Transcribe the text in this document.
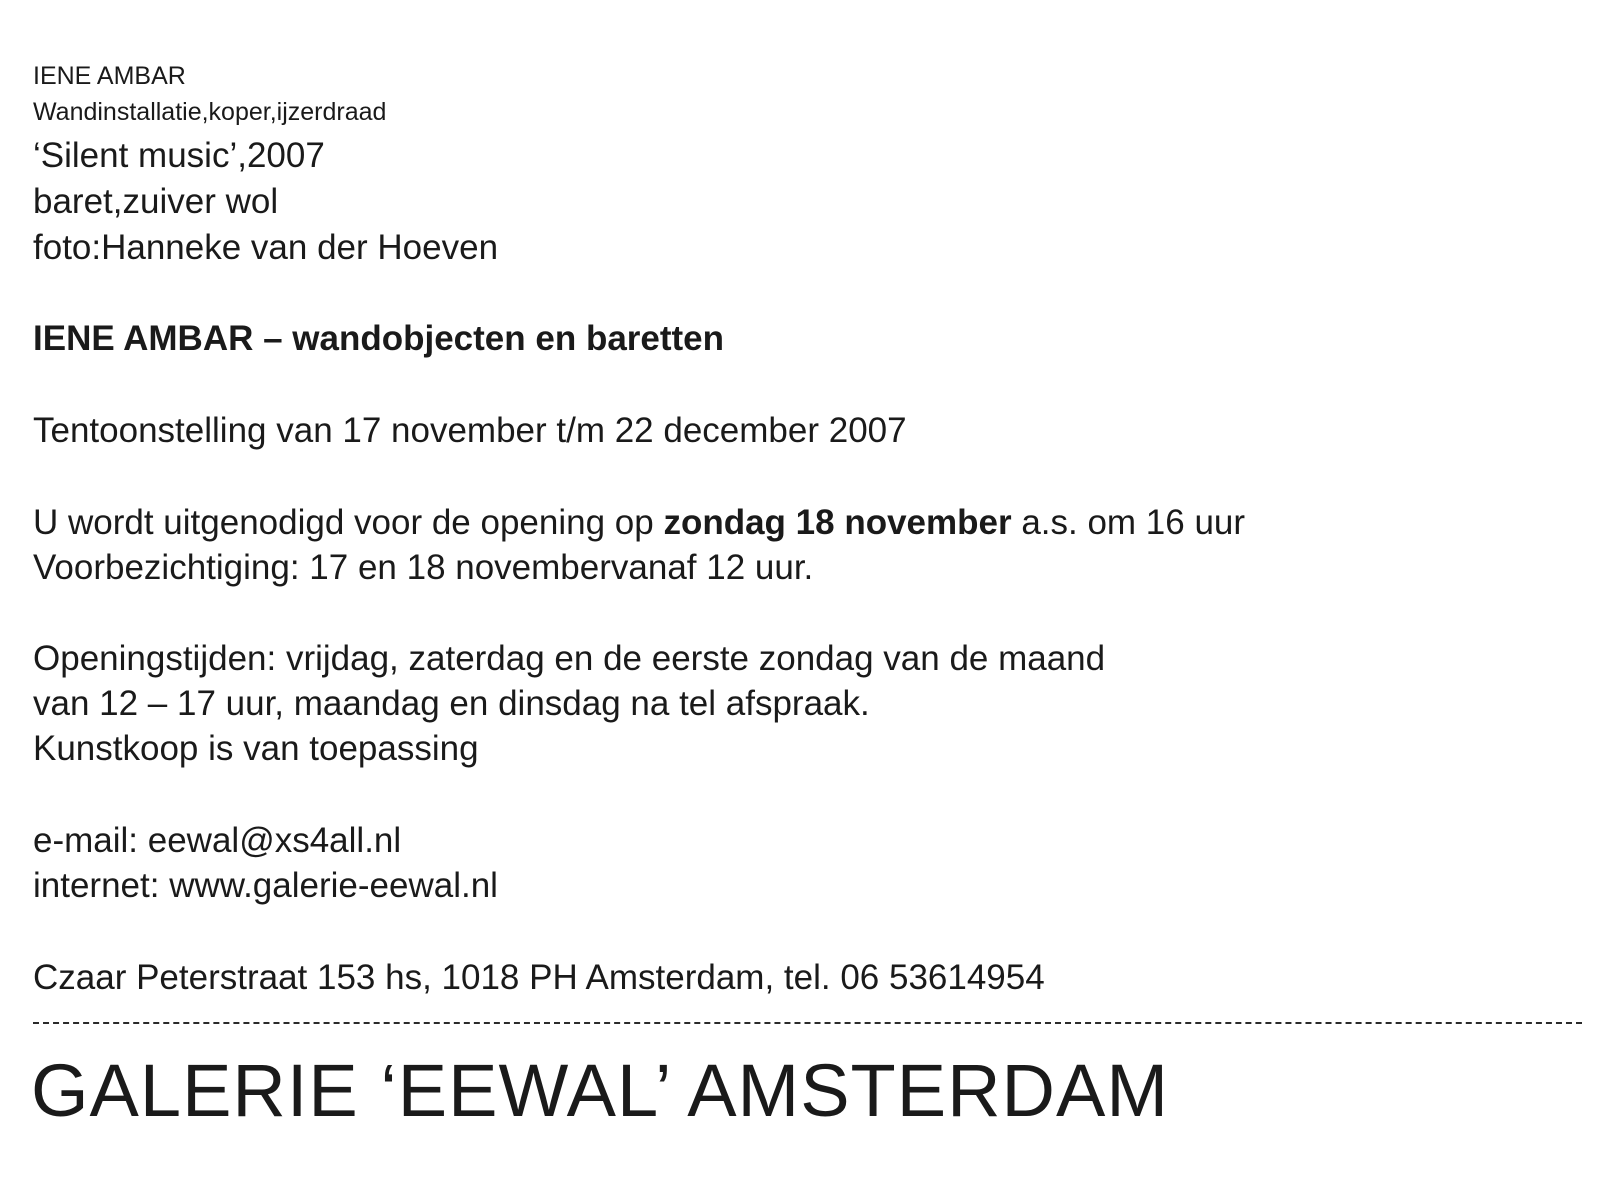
IENE AMBAR
Wandinstallatie,koper,ijzerdraad
‘Silent music’,2007
baret,zuiver wol
foto:Hanneke van der Hoeven
IENE AMBAR – wandobjecten en baretten
Tentoonstelling van 17 november t/m 22 december 2007
U wordt uitgenodigd voor de opening op zondag 18 november a.s. om 16 uur
Voorbezichtiging: 17 en 18 novembervanaf 12 uur.
Openingstijden: vrijdag, zaterdag en de eerste zondag van de maand
van 12 – 17 uur, maandag en dinsdag na tel afspraak.
Kunstkoop is van toepassing
e-mail: eewal@xs4all.nl
internet: www.galerie-eewal.nl
Czaar Peterstraat 153 hs, 1018 PH Amsterdam, tel. 06 53614954
GALERIE ‘EEWAL’ AMSTERDAM
